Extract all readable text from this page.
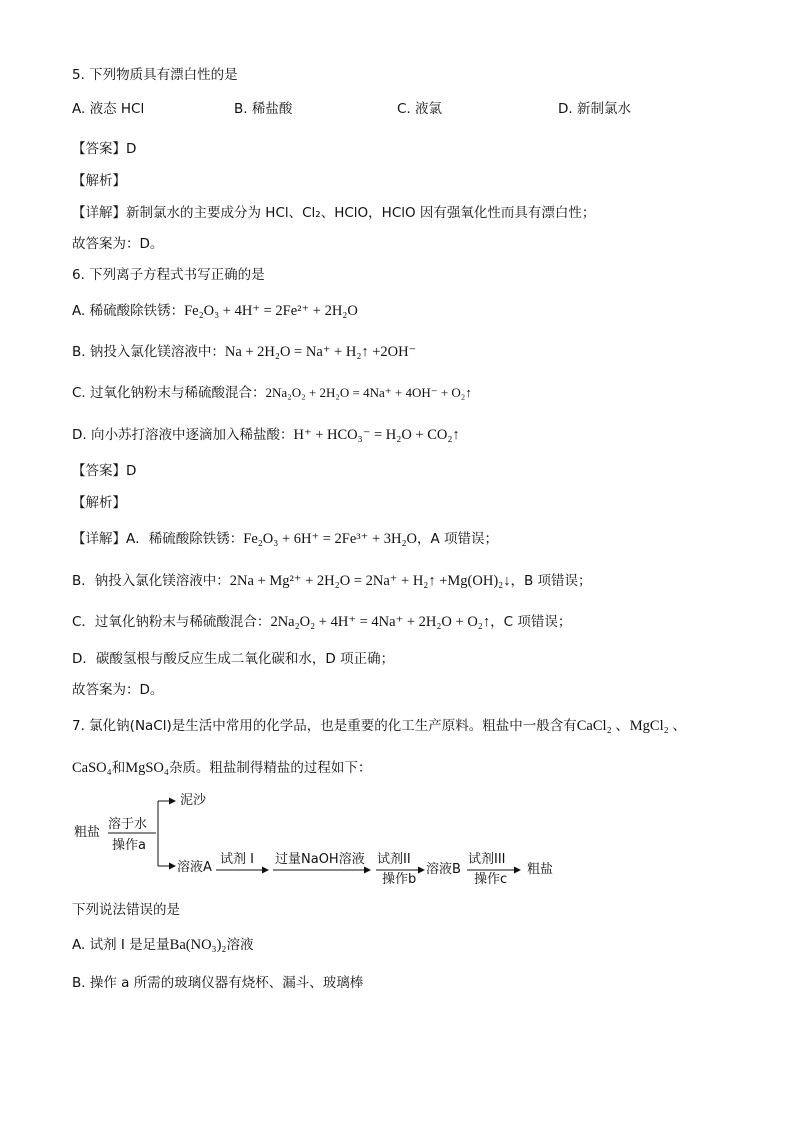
5. 下列物质具有漂白性的是
A. 液态 HCl	B. 稀盐酸	C. 液氯	D. 新制氯水
【答案】D
【解析】
【详解】新制氯水的主要成分为 HCl、Cl₂、HClO，HClO 因有强氧化性而具有漂白性；
故答案为：D。
6. 下列离子方程式书写正确的是
A. 稀硫酸除铁锈：Fe₂O₃ + 4H⁺ = 2Fe²⁺ + 2H₂O
B. 钠投入氯化镁溶液中：Na + 2H₂O = Na⁺ + H₂↑ +2OH⁻
C. 过氧化钠粉末与稀硫酸混合：2Na₂O₂ + 2H₂O = 4Na⁺ + 4OH⁻ + O₂↑
D. 向小苏打溶液中逐滴加入稀盐酸：H⁺ + HCO₃⁻ = H₂O + CO₂↑
【答案】D
【解析】
【详解】A．稀硫酸除铁锈：Fe₂O₃ + 6H⁺ = 2Fe³⁺ + 3H₂O，A 项错误；
B．钠投入氯化镁溶液中：2Na + Mg²⁺ + 2H₂O = 2Na⁺ + H₂↑ +Mg(OH)₂↓，B 项错误；
C．过氧化钠粉末与稀硫酸混合：2Na₂O₂ + 4H⁺ = 4Na⁺ + 2H₂O + O₂↑，C 项错误；
D．碳酸氢根与酸反应生成二氧化碳和水，D 项正确；
故答案为：D。
7. 氯化钠(NaCl)是生活中常用的化学品，也是重要的化工生产原料。粗盐中一般含有CaCl₂ 、MgCl₂ 、
CaSO₄和MgSO₄杂质。粗盐制得精盐的过程如下：
粗盐
溶于水
操作a
泥沙
溶液A
试剂 I 过量NaOH溶液 试剂II
操作b
溶液B
试剂III
操作c
粗盐
下列说法错误的是
A. 试剂 I 是足量Ba(NO₃)₂溶液
B. 操作 a 所需的玻璃仪器有烧杯、漏斗、玻璃棒
